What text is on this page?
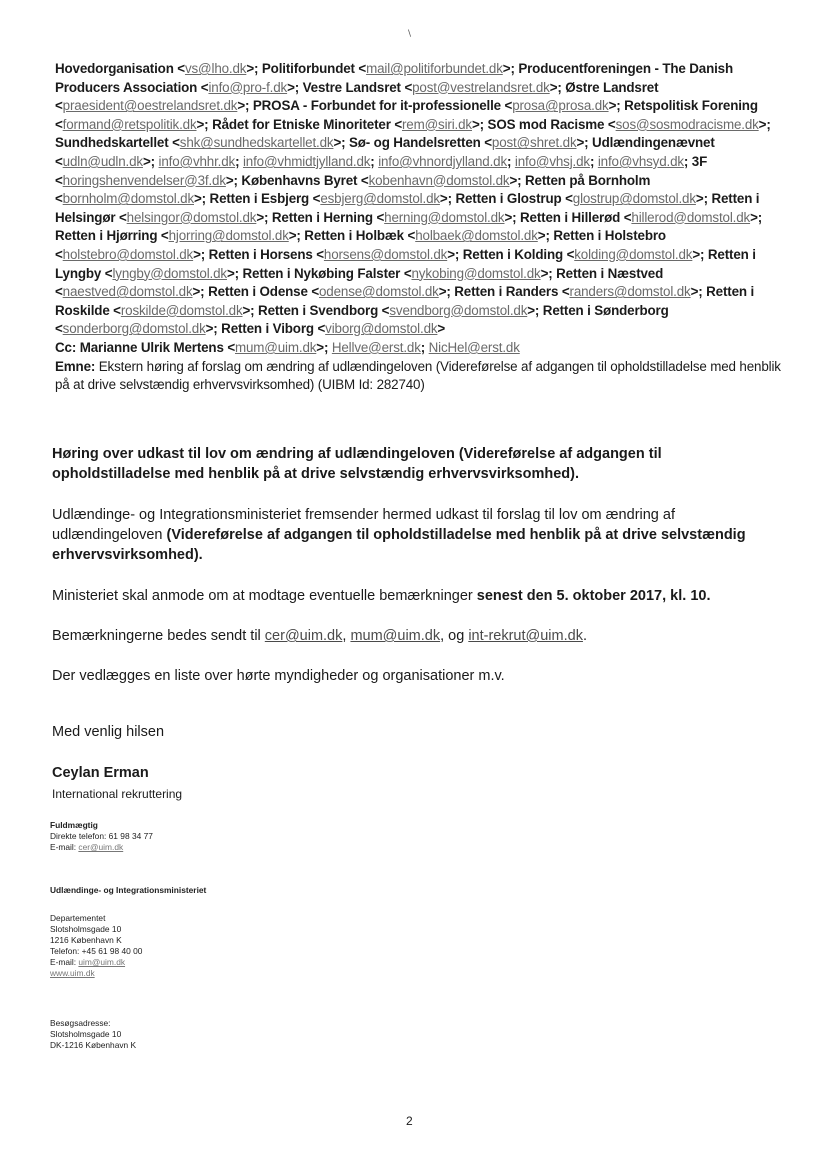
\
Hovedorganisation <vs@lho.dk>; Politiforbundet <mail@politiforbundet.dk>; Producentforeningen - The Danish Producers Association <info@pro-f.dk>; Vestre Landsret <post@vestrelandsret.dk>; Østre Landsret <praesident@oestrelandsret.dk>; PROSA - Forbundet for it-professionelle <prosa@prosa.dk>; Retspolitisk Forening <formand@retspolitik.dk>; Rådet for Etniske Minoriteter <rem@siri.dk>; SOS mod Racisme <sos@sosmodracisme.dk>; Sundhedskartellet <shk@sundhedskartellet.dk>; Sø- og Handelsretten <post@shret.dk>; Udlændingenævnet <udln@udln.dk>; info@vhhr.dk; info@vhmidtjylland.dk; info@vhnordjylland.dk; info@vhsj.dk; info@vhsyd.dk; 3F <horingshenvendelser@3f.dk>; Københavns Byret <kobenhavn@domstol.dk>; Retten på Bornholm <bornholm@domstol.dk>; Retten i Esbjerg <esbjerg@domstol.dk>; Retten i Glostrup <glostrup@domstol.dk>; Retten i Helsingør <helsingor@domstol.dk>; Retten i Herning <herning@domstol.dk>; Retten i Hillerød <hillerod@domstol.dk>; Retten i Hjørring <hjorring@domstol.dk>; Retten i Holbæk <holbaek@domstol.dk>; Retten i Holstebro <holstebro@domstol.dk>; Retten i Horsens <horsens@domstol.dk>; Retten i Kolding <kolding@domstol.dk>; Retten i Lyngby <lyngby@domstol.dk>; Retten i Nykøbing Falster <nykobing@domstol.dk>; Retten i Næstved <naestved@domstol.dk>; Retten i Odense <odense@domstol.dk>; Retten i Randers <randers@domstol.dk>; Retten i Roskilde <roskilde@domstol.dk>; Retten i Svendborg <svendborg@domstol.dk>; Retten i Sønderborg <sonderborg@domstol.dk>; Retten i Viborg <viborg@domstol.dk>
Cc: Marianne Ulrik Mertens <mum@uim.dk>; Hellve@erst.dk; NicHel@erst.dk
Emne: Ekstern høring af forslag om ændring af udlændingeloven (Videreførelse af adgangen til opholdstilladelse med henblik på at drive selvstændig erhvervsvirksomhed) (UIBM Id: 282740)
Høring over udkast til lov om ændring af udlændingeloven (Videreførelse af adgangen til opholdstilladelse med henblik på at drive selvstændig erhvervsvirksomhed).
Udlændinge- og Integrationsministeriet fremsender hermed udkast til forslag til lov om ændring af udlændingeloven (Videreførelse af adgangen til opholdstilladelse med henblik på at drive selvstændig erhvervsvirksomhed).
Ministeriet skal anmode om at modtage eventuelle bemærkninger senest den 5. oktober 2017, kl. 10.
Bemærkningerne bedes sendt til cer@uim.dk, mum@uim.dk, og int-rekrut@uim.dk.
Der vedlægges en liste over hørte myndigheder og organisationer m.v.
Med venlig hilsen
Ceylan Erman
International rekruttering
Fuldmægtig
Direkte telefon: 61 98 34 77
E-mail: cer@uim.dk
Udlændinge- og Integrationsministeriet
Departementet
Slotsholmsgade 10
1216 København K
Telefon: +45 61 98 40 00
E-mail: uim@uim.dk
www.uim.dk
Besøgsadresse:
Slotsholmsgade 10
DK-1216 København K
2
